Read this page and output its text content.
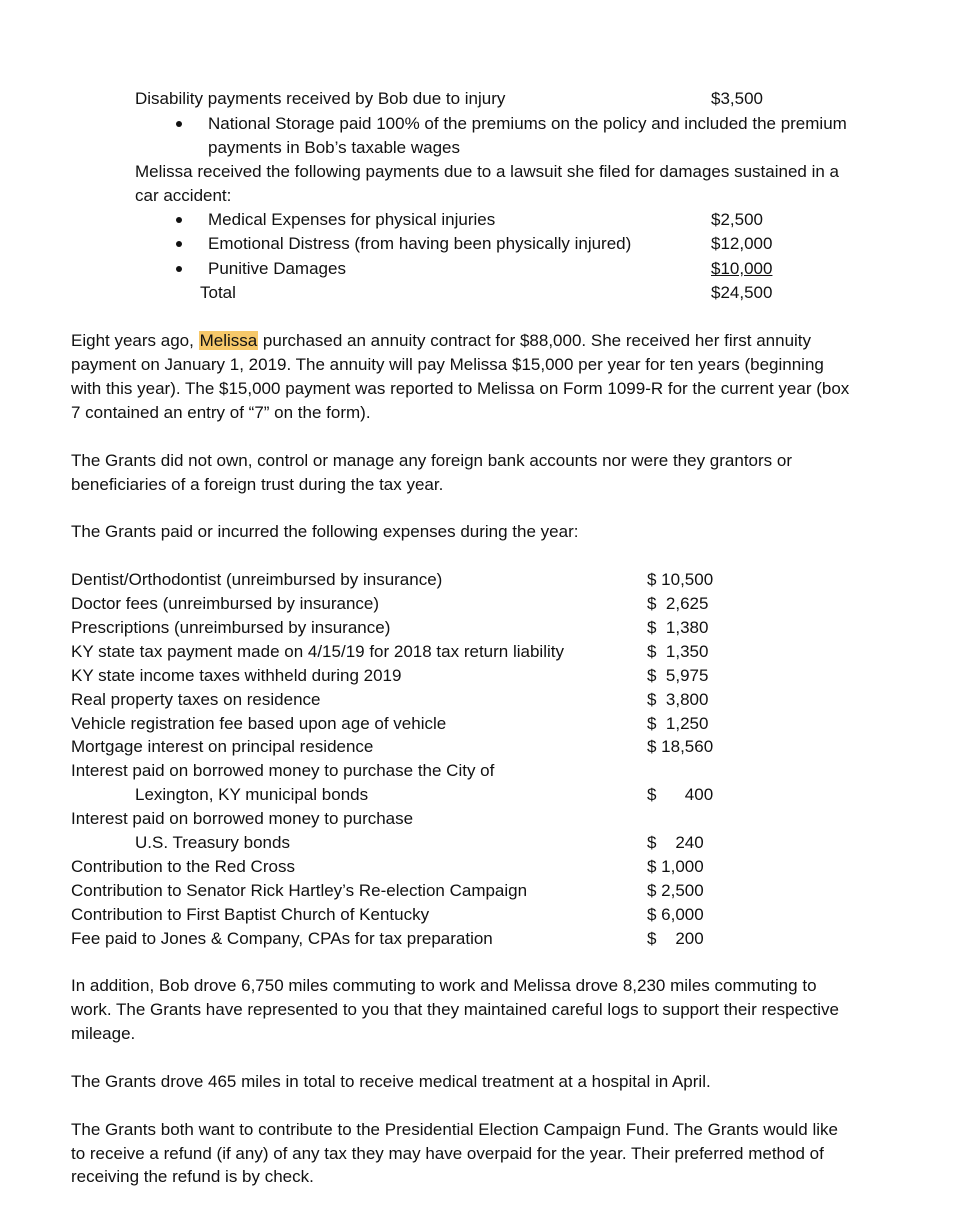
Disability payments received by Bob due to injury	$3,500
National Storage paid 100% of the premiums on the policy and included the premium
payments in Bob’s taxable wages
Melissa received the following payments due to a lawsuit she filed for damages sustained in a
car accident:
Medical Expenses for physical injuries	$2,500
Emotional Distress (from having been physically injured)	$12,000
Punitive Damages	$10,000
Total	$24,500
Eight years ago, Melissa purchased an annuity contract for $88,000. She received her first annuity
payment on January 1, 2019. The annuity will pay Melissa $15,000 per year for ten years (beginning
with this year). The $15,000 payment was reported to Melissa on Form 1099-R for the current year (box
7 contained an entry of “7” on the form).
The Grants did not own, control or manage any foreign bank accounts nor were they grantors or
beneficiaries of a foreign trust during the tax year.
The Grants paid or incurred the following expenses during the year:
Dentist/Orthodontist (unreimbursed by insurance)	$ 10,500
Doctor fees (unreimbursed by insurance)	$  2,625
Prescriptions (unreimbursed by insurance)	$  1,380
KY state tax payment made on 4/15/19 for 2018 tax return liability	$  1,350
KY state income taxes withheld during 2019	$  5,975
Real property taxes on residence	$  3,800
Vehicle registration fee based upon age of vehicle	$  1,250
Mortgage interest on principal residence	$ 18,560
Interest paid on borrowed money to purchase the City of
Lexington, KY municipal bonds	$      400
Interest paid on borrowed money to purchase
U.S. Treasury bonds	$    240
Contribution to the Red Cross	$ 1,000
Contribution to Senator Rick Hartley’s Re-election Campaign	$ 2,500
Contribution to First Baptist Church of Kentucky	$ 6,000
Fee paid to Jones & Company, CPAs for tax preparation	$    200
In addition, Bob drove 6,750 miles commuting to work and Melissa drove 8,230 miles commuting to
work. The Grants have represented to you that they maintained careful logs to support their respective
mileage.
The Grants drove 465 miles in total to receive medical treatment at a hospital in April.
The Grants both want to contribute to the Presidential Election Campaign Fund. The Grants would like
to receive a refund (if any) of any tax they may have overpaid for the year. Their preferred method of
receiving the refund is by check.
